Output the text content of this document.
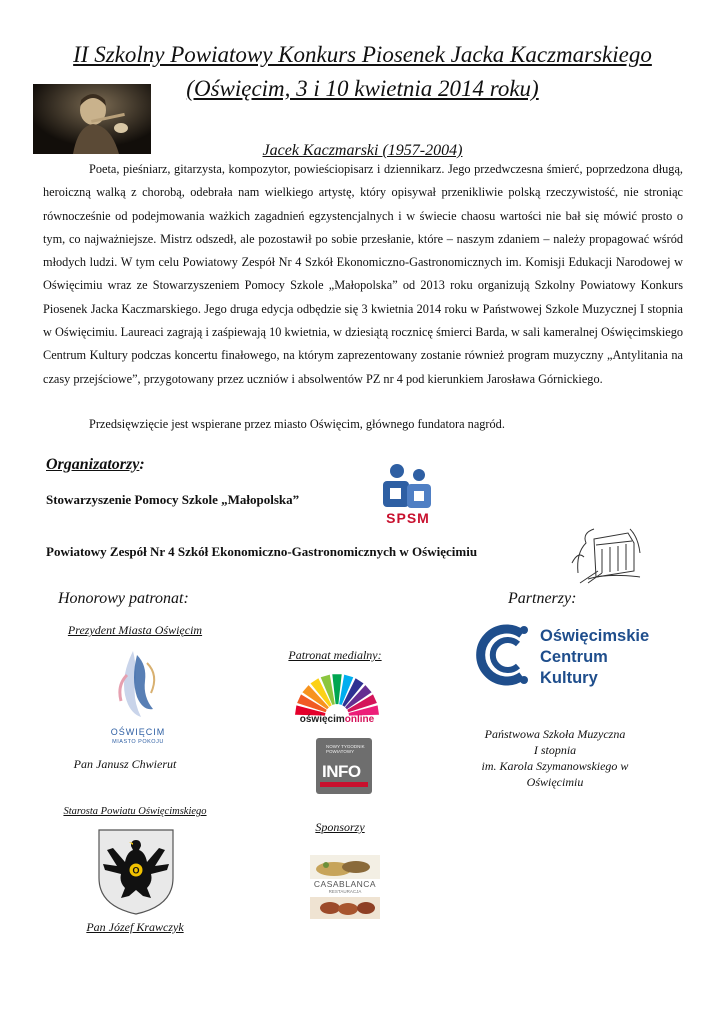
II Szkolny Powiatowy Konkurs Piosenek Jacka Kaczmarskiego
(Oświęcim, 3 i 10 kwietnia 2014 roku)
Jacek Kaczmarski (1957-2004)
Poeta, pieśniarz, gitarzysta, kompozytor, powieściopisarz i dziennikarz. Jego przedwczesna śmierć, poprzedzona długą, heroiczną walką z chorobą, odebrała nam wielkiego artystę, który opisywał przenikliwie polską rzeczywistość, nie stroniąc równocześnie od podejmowania ważkich zagadnień egzystencjalnych i w świecie chaosu wartości nie bał się mówić prosto o tym, co najważniejsze. Mistrz odszedł, ale pozostawił po sobie przesłanie, które – naszym zdaniem – należy propagować wśród młodych ludzi. W tym celu Powiatowy Zespół Nr 4 Szkół Ekonomiczno-Gastronomicznych im. Komisji Edukacji Narodowej w Oświęcimiu wraz ze Stowarzyszeniem Pomocy Szkole „Małopolska” od 2013 roku organizują Szkolny Powiatowy Konkurs Piosenek Jacka Kaczmarskiego. Jego druga edycja odbędzie się 3 kwietnia 2014 roku w Państwowej Szkole Muzycznej I stopnia w Oświęcimiu. Laureaci zagrają i zaśpiewają 10 kwietnia, w dziesiątą rocznicę śmierci Barda, w sali kameralnej Oświęcimskiego Centrum Kultury podczas koncertu finałowego, na którym zaprezentowany zostanie również program muzyczny „Antylitania na czasy przejściowe”, przygotowany przez uczniów i absolwentów PZ nr 4 pod kierunkiem Jarosława Górnickiego.
Przedsięwzięcie jest wspierane przez miasto Oświęcim, głównego fundatora nagród.
Organizatorzy:
Stowarzyszenie Pomocy Szkole „Małopolska”
SPSM
Powiatowy Zespół Nr 4 Szkół Ekonomiczno-Gastronomicznych w Oświęcimiu
Honorowy patronat:
Prezydent Miasta Oświęcim
OŚWIĘCIM
MIASTO POKOJU
Pan Janusz Chwierut
Starosta Powiatu Oświęcimskiego
O
Pan Józef Krawczyk
Patronat medialny:
oświęcimonline
NOWY TYGODNIK POWIATOWY
INFO
Sponsorzy
CASABLANCA
RESTAURACJA
Partnerzy:
Oświęcimskie
Centrum
Kultury
Państwowa Szkoła Muzyczna
I stopnia
im. Karola Szymanowskiego w
Oświęcimiu
